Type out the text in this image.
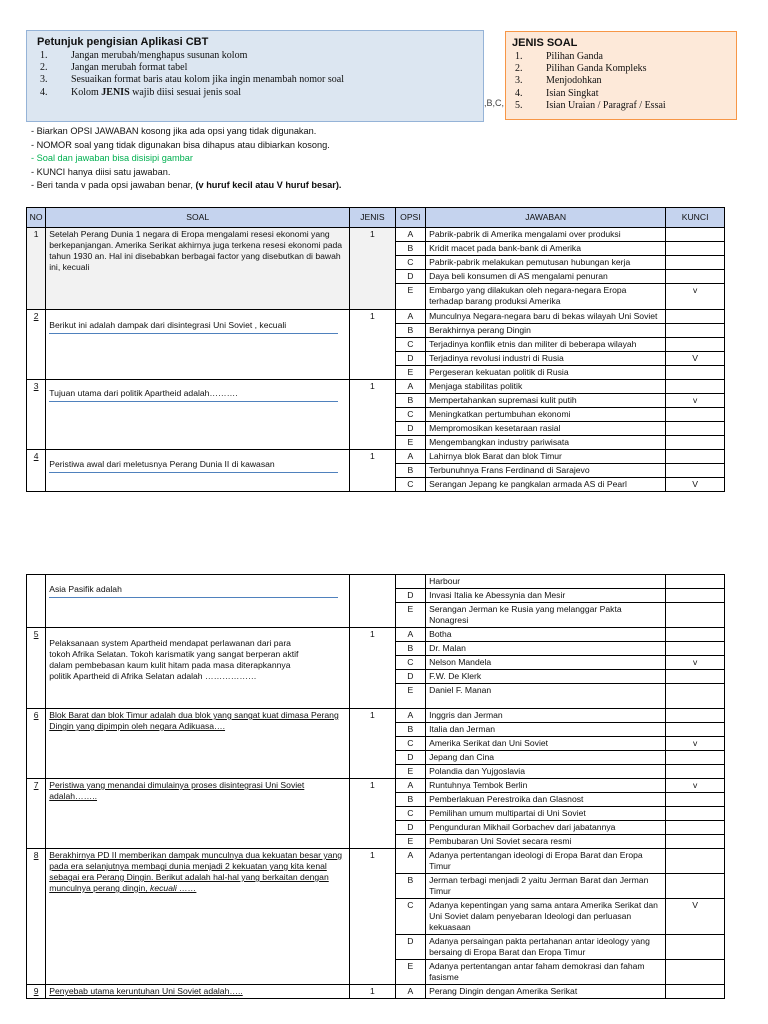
Petunjuk pengisian Aplikasi CBT
1.	Jangan merubah/menghapus susunan kolom
2.	Jangan merubah format tabel
3.	Sesuaikan format baris atau kolom jika ingin menambah nomor soal
4.	Kolom JENIS wajib diisi sesuai jenis soal
,B,C,
JENIS SOAL
1.	Pilihan Ganda
2.	Pilihan Ganda Kompleks
3.	Menjodohkan
4.	Isian Singkat
5.	Isian Uraian / Paragraf / Essai
- Biarkan OPSI JAWABAN kosong jika ada opsi yang tidak digunakan.
- NOMOR soal yang tidak digunakan bisa dihapus atau dibiarkan kosong.
- Soal dan jawaban bisa disisipi gambar
- KUNCI hanya diisi satu jawaban.
- Beri tanda v pada opsi jawaban benar, (v huruf kecil atau V huruf besar).
NO	SOAL	JENIS	OPSI	JAWABAN	KUNCI
1	Setelah Perang Dunia 1 negara di Eropa mengalami resesi ekonomi yang berkepanjangan. Amerika Serikat akhirnya juga terkena resesi ekonomi pada tahun 1930 an. Hal ini disebabkan berbagai factor yang disebutkan di bawah ini, kecuali	1	A	Pabrik-pabrik di Amerika mengalami over produksi	
			B	Kridit macet pada bank-bank di Amerika	
			C	Pabrik-pabrik melakukan pemutusan hubungan kerja	
			D	Daya beli konsumen di AS mengalami penuran	
			E	Embargo yang dilakukan oleh negara-negara Eropa terhadap barang produksi Amerika	v
2	Berikut ini adalah dampak dari disintegrasi Uni Soviet , kecuali	1	A	Munculnya Negara-negara baru di bekas wilayah Uni Soviet	
			B	Berakhirnya perang Dingin	
			C	Terjadinya konflik etnis dan militer di beberapa wilayah	
			D	Terjadinya revolusi industri di Rusia	V
			E	Pergeseran kekuatan politik di Rusia	
3	Tujuan utama dari politik Apartheid adalah……….	1	A	Menjaga stabilitas politik	
			B	Mempertahankan supremasi kulit putih	v
			C	Meningkatkan pertumbuhan ekonomi	
			D	Mempromosikan kesetaraan rasial	
			E	Mengembangkan industry pariwisata	
4	Peristiwa awal dari meletusnya Perang Dunia II di kawasan	1	A	Lahirnya blok Barat dan blok Timur	
			B	Terbunuhnya Frans Ferdinand di Sarajevo	
			C	Serangan Jepang ke pangkalan armada AS di Pearl	V

	Asia Pasifik adalah			Harbour	
			D	Invasi Italia ke Abessynia dan Mesir	
			E	Serangan Jerman ke Rusia yang melanggar Pakta Nonagresi	
5	Pelaksanaan system Apartheid mendapat perlawanan dari para tokoh Afrika Selatan. Tokoh karismatik yang sangat berperan aktif dalam pembebasan kaum kulit hitam pada masa diterapkannya politik Apartheid di Afrika Selatan adalah ………………	1	A	Botha	
			B	Dr. Malan	
			C	Nelson Mandela	v
			D	F.W. De Klerk	
			E	Daniel F. Manan	
6	Blok Barat dan blok Timur adalah dua blok yang sangat kuat dimasa Perang Dingin yang dipimpin oleh negara Adikuasa….	1	A	Inggris dan Jerman	
			B	Italia dan Jerman	
			C	Amerika Serikat dan Uni Soviet	v
			D	Jepang dan Cina	
			E	Polandia dan Yujgoslavia	
7	Peristiwa yang menandai dimulainya proses disintegrasi Uni Soviet adalah……..	1	A	Runtuhnya Tembok Berlin	v
			B	Pemberlakuan Perestroika dan Glasnost	
			C	Pemilihan umum multipartai di Uni Soviet	
			D	Pengunduran Mikhail Gorbachev dari jabatannya	
			E	Pembubaran Uni Soviet secara resmi	
8	Berakhirnya PD II memberikan dampak munculnya dua kekuatan besar yang pada era selanjutnya membagi dunia menjadi 2 kekuatan yang kita kenal sebagai era Perang Dingin. Berikut adalah hal-hal yang berkaitan dengan munculnya perang dingin, kecuali ……	1	A	Adanya pertentangan ideologi di Eropa Barat dan Eropa Timur	
			B	Jerman terbagi menjadi 2 yaitu Jerman Barat dan Jerman Timur	
			C	Adanya kepentingan yang sama antara Amerika Serikat dan Uni Soviet dalam penyebaran Ideologi dan perluasan kekuasaan	V
			D	Adanya persaingan pakta pertahanan antar ideology yang bersaing di Eropa Barat dan Eropa Timur	
			E	Adanya pertentangan antar faham demokrasi dan faham fasisme	
9	Penyebab utama keruntuhan Uni Soviet adalah…..	1	A	Perang Dingin dengan Amerika Serikat	
